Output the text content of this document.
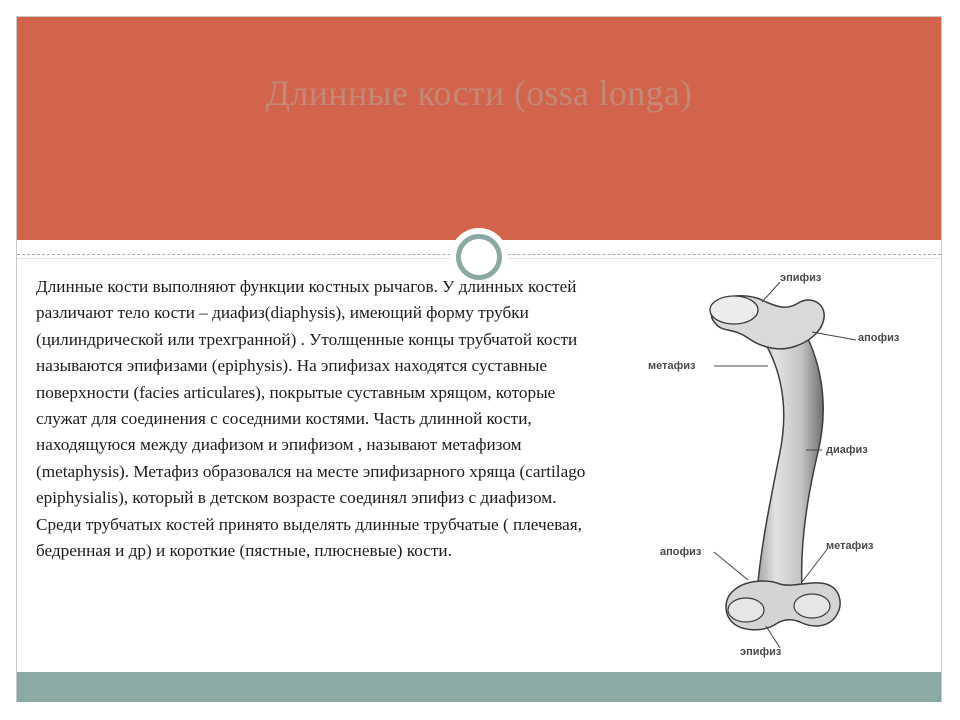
Длинные кости (ossa longa)

Длинные кости выполняют функции костных рычагов. У длинных костей различают тело кости – диафиз(diaphysis), имеющий форму трубки (цилиндрической или трехгранной) . Утолщенные концы трубчатой кости называются эпифизами (epiphysis). На эпифизах находятся суставные поверхности (facies articulares), покрытые суставным хрящом, которые служат для соединения с соседними костями. Часть длинной кости, находящуюся между диафизом и эпифизом , называют метафизом (metaphysis). Метафиз образовался на месте эпифизарного хряща (cartilago epiphysialis), который в детском возрасте соединял эпифиз с диафизом.

Среди трубчатых костей принято выделять длинные трубчатые ( плечевая, бедренная и др) и короткие (пястные, плюсневые) кости.

эпифиз
апофиз
метафиз
диафиз
апофиз	метафиз
эпифиз
